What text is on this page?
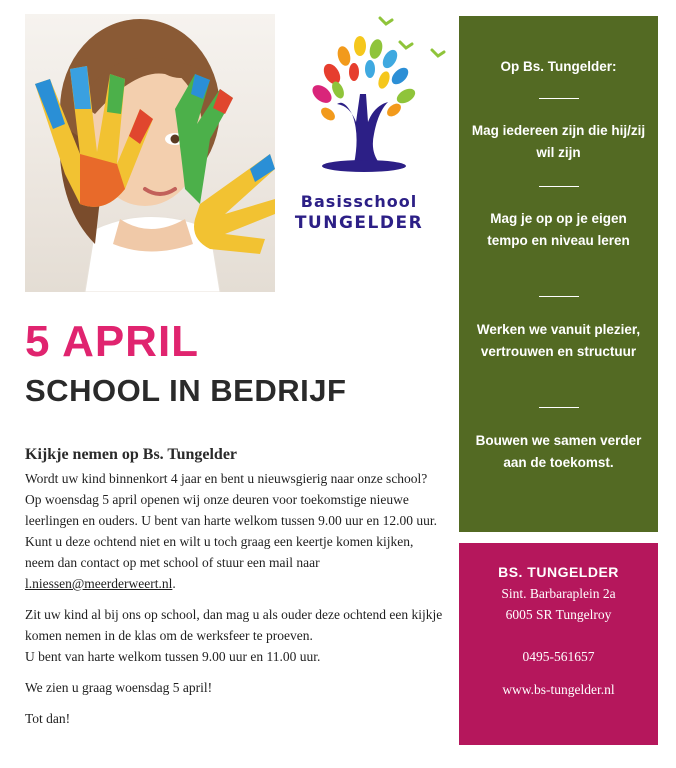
Basisschool
TUNGELDER
5 APRIL
SCHOOL IN BEDRIJF
Kijkje nemen op Bs. Tungelder

Wordt uw kind binnenkort 4 jaar en bent u nieuwsgierig naar onze school? Op woensdag 5 april openen wij onze deuren voor toekomstige nieuwe leerlingen en ouders. U bent van harte welkom tussen 9.00 uur en 12.00 uur. Kunt u deze ochtend niet en wilt u toch graag een keertje komen kijken, neem dan contact op met school of stuur een mail naar l.niessen@meerderweert.nl.

Zit uw kind al bij ons op school, dan mag u als ouder deze ochtend een kijkje komen nemen in de klas om de werksfeer te proeven.
U bent van harte welkom tussen 9.00 uur en 11.00 uur.

We zien u graag woensdag 5 april!

Tot dan!

Op Bs. Tungelder:
Mag iedereen zijn die hij/zij wil zijn
Mag je op op je eigen tempo en niveau leren
Werken we vanuit plezier, vertrouwen en structuur
Bouwen we samen verder aan de toekomst.
BS. TUNGELDER
Sint. Barbaraplein 2a
6005 SR Tungelroy
0495-561657
www.bs-tungelder.nl
